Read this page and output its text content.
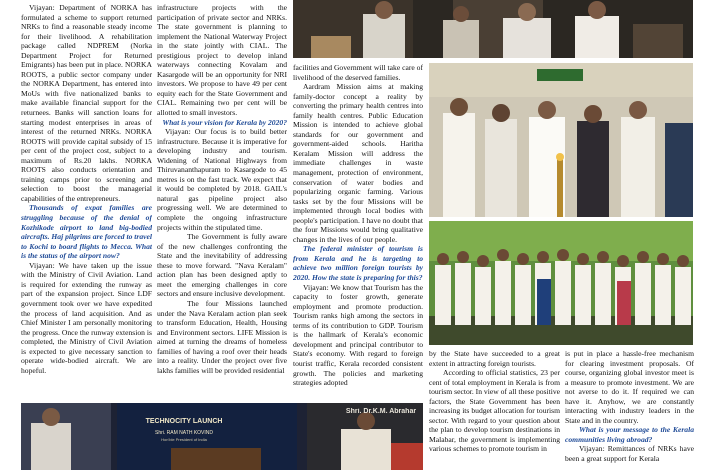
Vijayan: Department of NORKA has formulated a scheme to support returned NRKs to find a reasonable steady income for their livelihood. A rehabilitation package called NDPREM (Norka Department Project for Returned Emigrants) has been put in place. NORKA ROOTS, a public sector company under the NORKA Department, has entered into MoUs with five nationalized banks to make available financial support for the returnees. Banks will sanction loans for starting modest enterprises in areas of interest of the returned NRKs. NORKA ROOTS will provide capital subsidy of 15 per cent of the project cost, subject to a maximum of Rs.20 lakhs. NORKA ROOTS also conducts orientation and training camps prior to screening and selection to boost the managerial capabilities of the entrepreneurs.

Thousands of expat families are struggling because of the denial of Kozhikode airport to land big-bodied aircrafts. Haj pilgrims are forced to travel to Kochi to board flights to Mecca. What is the status of the airport now?

Vijayan: We have taken up the issue with the Ministry of Civil Aviation. Land is required for extending the runway as part of the expansion project. Since LDF government took over we have expedited the process of land acquisition. And as Chief Minister I am personally monitoring the progress. Once the runway extension is completed, the Ministry of Civil Aviation is expected to give necessary sanction to operate wide-bodied aircraft. We are hopeful.

infrastructure projects with the participation of private sector and NRKs. The state government is planning to implement the National Waterway Project in the state jointly with CIAL. The prestigious project to develop inland waterways connecting Kovalam and Kasargode will be an opportunity for NRI investors. We propose to have 49 per cent equity each for the State Government and CIAL. Remaining two per cent will be allotted to small investors.

What is your vision for Kerala by 2020?

Vijayan: Our focus is to build better infrastructure. Because it is imperative for developing industry and tourism. Widening of National Highways from Thiruvananthapuram to Kasargode to 45 metres is on the fast track. We expect that it would be completed by 2018. GAIL's natural gas pipeline project also progressing well. We are determined to complete the ongoing infrastructure projects within the stipulated time.

The Government is fully aware of the new challenges confronting the State and the inevitability of addressing these to move forward. "Nava Keralam" action plan has been designed aptly to meet the emerging challenges in core sectors and ensure inclusive development.

The four Missions launched under the Nava Keralam action plan seek to transform Education, Health, Housing and Environment sectors. LIFE Mission is aimed at turning the dreams of homeless families of having a roof over their heads into a reality. Under the project over five lakhs families will be provided residential

facilities and Government will take care of livelihood of the deserved families.

Aardram Mission aims at making family-doctor concept a reality by converting the primary health centres into family health centres. Public Education Mission is intended to achieve global standards for our government and government-aided schools. Haritha Keralam Mission will address the immediate challenges in waste management, protection of environment, conservation of water bodies and popularizing organic farming. Various tasks set by the four Missions will be implemented through local bodies with people's participation. I have no doubt that the four Missions would bring qualitative changes in the lives of our people.

The federal minister of tourism is from Kerala and he is targeting to achieve two million foreign tourists by 2020. How the state is preparing for this?

Vijayan: We know that Tourism has the capacity to foster growth, generate employment and promote production. Tourism ranks high among the sectors in terms of its contribution to GDP. Tourism is the hallmark of Kerala's economic development and principal contributor to State's economy. With regard to foreign tourist traffic, Kerala recorded consistent growth. The policies and marketing strategies adopted

by the State have succeeded to a great extent in attracting foreign tourists.

According to official statistics, 23 per cent of total employment in Kerala is from tourism sector. In view of all these positive factors, the State Government has been increasing its budget allocation for tourism sector. With regard to your question about the plan to develop tourism destinations in Malabar, the government is implementing various schemes to promote tourism in

is put in place a hassle-free mechanism for clearing investment proposals. Of course, organizing global investor meet is a measure to promote investment. We are not averse to do it. If required we can have it. Anyhow, we are constantly interacting with industry leaders in the State and in the country.

What is your message to the Kerala communities living abroad?

Vijayan: Remittances of NRKs have been a great support for Kerala

TECHNOCITY LAUNCH
Shri. RAM NATH KOVIND
Hon'ble President of India
Shri. Dr.K.M. Abrahar
